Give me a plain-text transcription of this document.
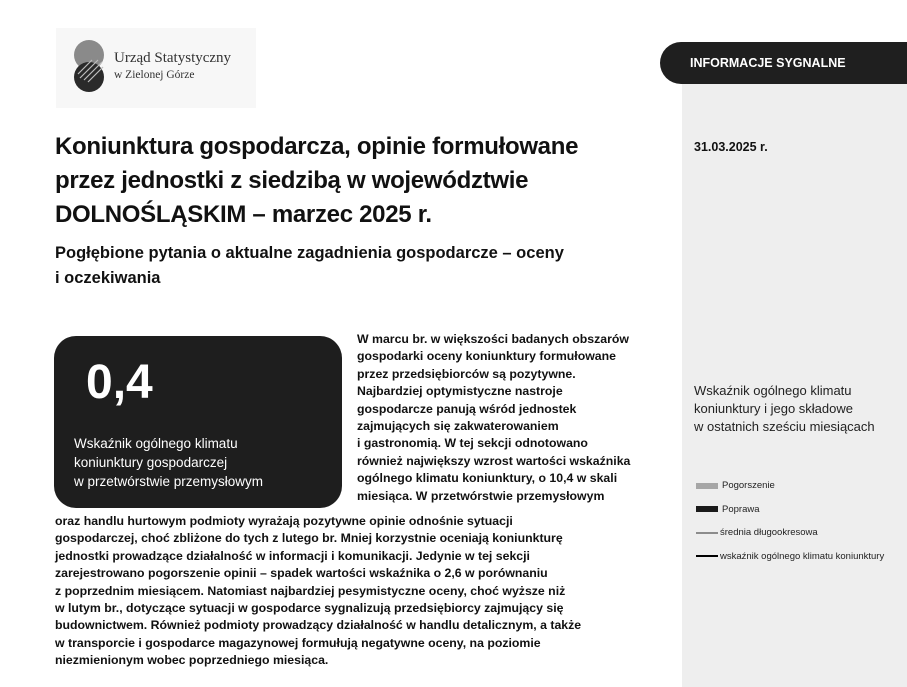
Urząd Statystyczny
w Zielonej Górze
INFORMACJE SYGNALNE
31.03.2025 r.
Wskaźnik ogólnego klimatu
koniunktury i jego składowe
w ostatnich sześciu miesiącach
Pogorszenie
Poprawa
średnia długookresowa
wskaźnik ogólnego klimatu koniunktury
Koniunktura gospodarcza, opinie formułowane
przez jednostki z siedzibą w województwie
DOLNOŚLĄSKIM – marzec 2025 r.
Pogłębione pytania o aktualne zagadnienia gospodarcze – oceny
i oczekiwania
0,4
Wskaźnik ogólnego klimatu
koniunktury gospodarczej
w przetwórstwie przemysłowym

W marcu br. w większości badanych obszarów
gospodarki oceny koniunktury formułowane
przez przedsiębiorców są pozytywne.
Najbardziej optymistyczne nastroje
gospodarcze panują wśród jednostek
zajmujących się zakwaterowaniem
i gastronomią. W tej sekcji odnotowano
również największy wzrost wartości wskaźnika
ogólnego klimatu koniunktury, o 10,4 w skali
miesiąca. W przetwórstwie przemysłowym

oraz handlu hurtowym podmioty wyrażają pozytywne opinie odnośnie sytuacji
gospodarczej, choć zbliżone do tych z lutego br. Mniej korzystnie oceniają koniunkturę
jednostki prowadzące działalność w informacji i komunikacji. Jedynie w tej sekcji
zarejestrowano pogorszenie opinii – spadek wartości wskaźnika o 2,6 w porównaniu
z poprzednim miesiącem. Natomiast najbardziej pesymistyczne oceny, choć wyższe niż
w lutym br., dotyczące sytuacji w gospodarce sygnalizują przedsiębiorcy zajmujący się
budownictwem. Również podmioty prowadzący działalność w handlu detalicznym, a także
w transporcie i gospodarce magazynowej formułują negatywne oceny, na poziomie
niezmienionym wobec poprzedniego miesiąca.
